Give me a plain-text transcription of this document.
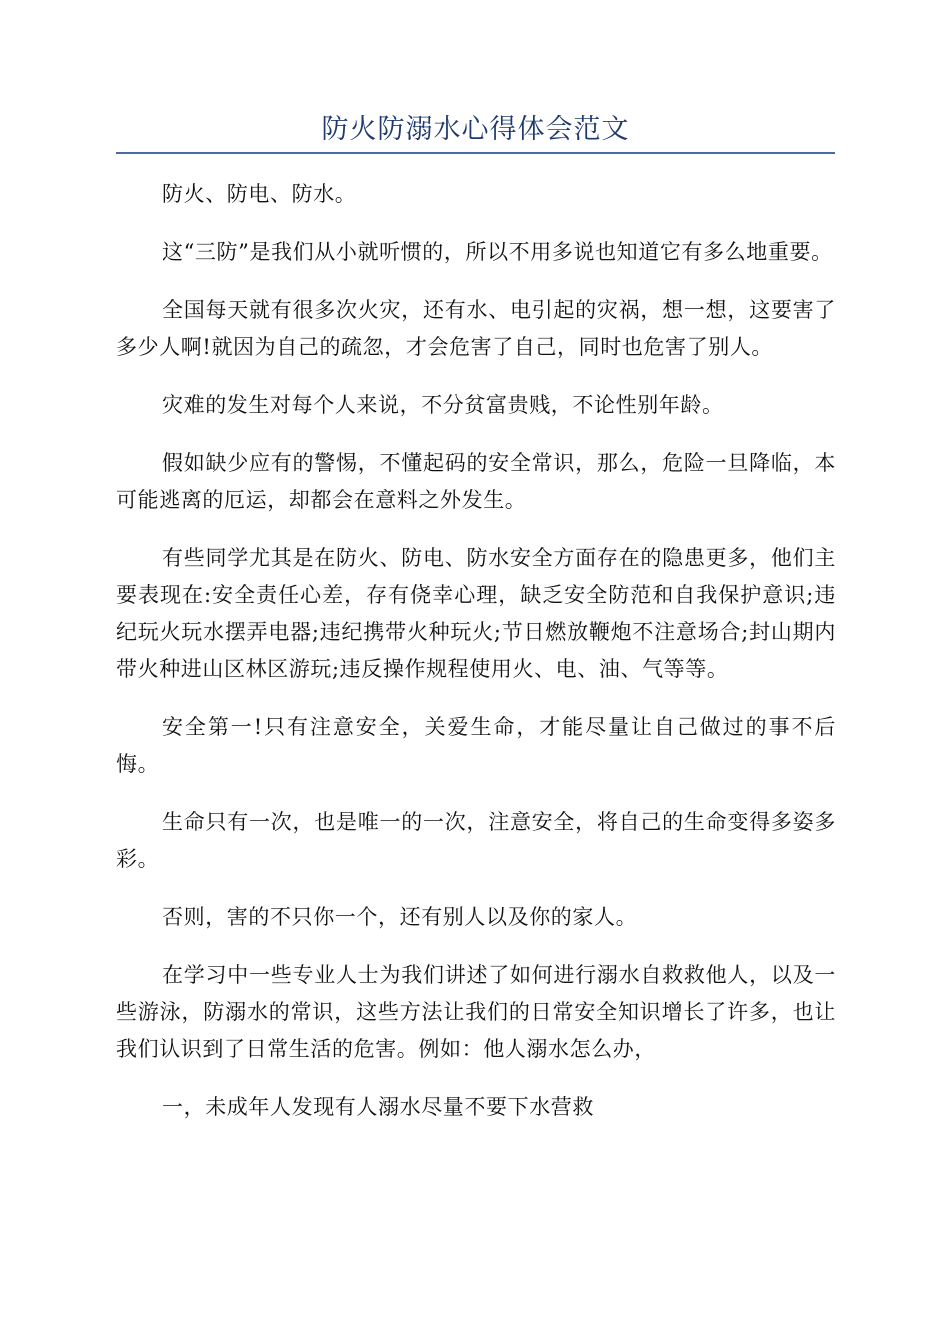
防火防溺水心得体会范文

防火、防电、防水。

这“三防”是我们从小就听惯的，所以不用多说也知道它有多么地重要。

全国每天就有很多次火灾，还有水、电引起的灾祸，想一想，这要害了多少人啊!就因为自己的疏忽，才会危害了自己，同时也危害了别人。

灾难的发生对每个人来说，不分贫富贵贱，不论性别年龄。

假如缺少应有的警惕，不懂起码的安全常识，那么，危险一旦降临，本可能逃离的厄运，却都会在意料之外发生。

有些同学尤其是在防火、防电、防水安全方面存在的隐患更多，他们主要表现在:安全责任心差，存有侥幸心理，缺乏安全防范和自我保护意识;违纪玩火玩水摆弄电器;违纪携带火种玩火;节日燃放鞭炮不注意场合;封山期内带火种进山区林区游玩;违反操作规程使用火、电、油、气等等。

安全第一!只有注意安全，关爱生命，才能尽量让自己做过的事不后悔。

生命只有一次，也是唯一的一次，注意安全，将自己的生命变得多姿多彩。

否则，害的不只你一个，还有别人以及你的家人。

在学习中一些专业人士为我们讲述了如何进行溺水自救救他人，以及一些游泳，防溺水的常识，这些方法让我们的日常安全知识增长了许多，也让我们认识到了日常生活的危害。例如：他人溺水怎么办，

一，未成年人发现有人溺水尽量不要下水营救
